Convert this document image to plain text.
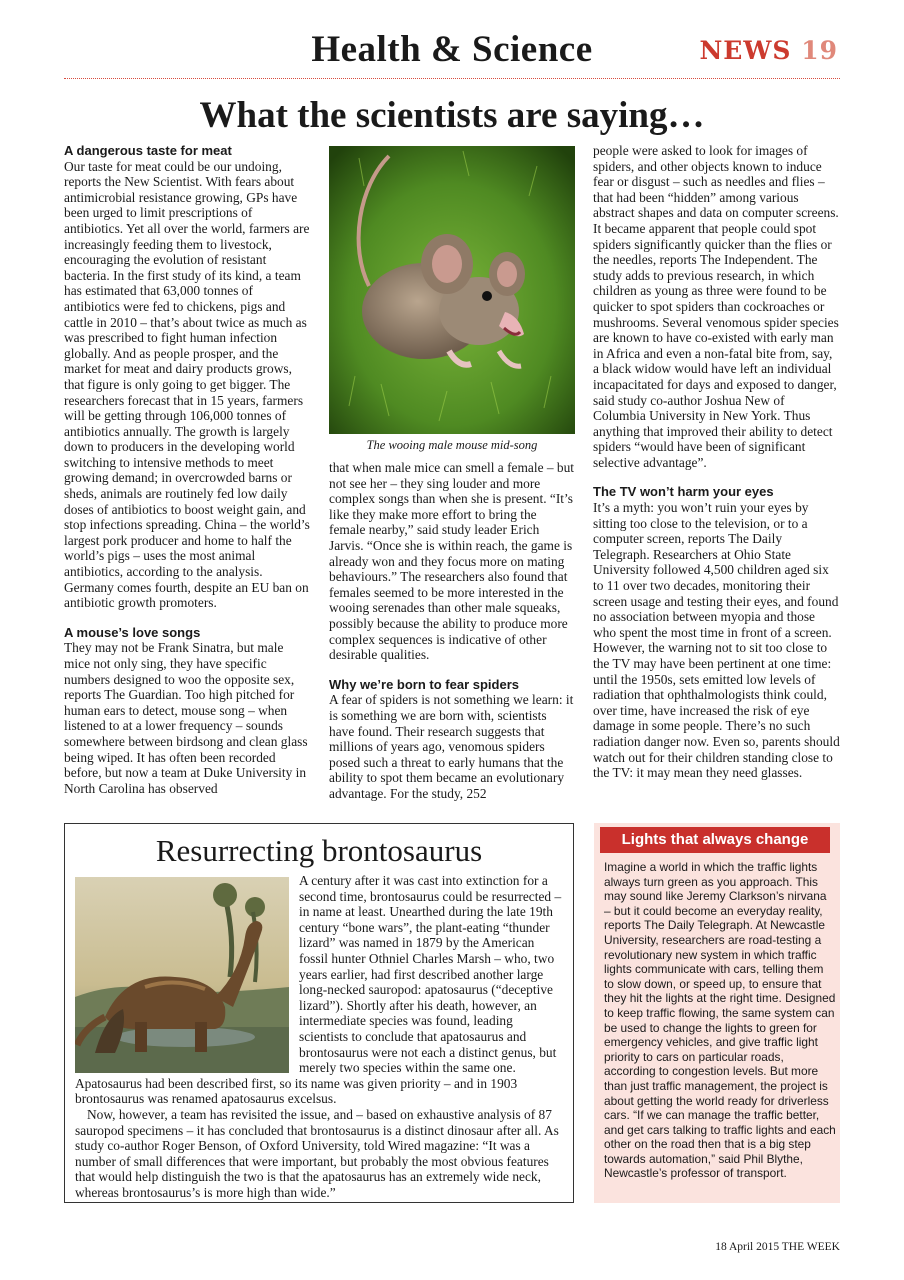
Health & Science	NEWS 19
What the scientists are saying…
A dangerous taste for meat

Our taste for meat could be our undoing, reports the New Scientist. With fears about antimicrobial resistance growing, GPs have been urged to limit prescriptions of antibiotics. Yet all over the world, farmers are increasingly feeding them to livestock, encouraging the evolution of resistant bacteria. In the first study of its kind, a team has estimated that 63,000 tonnes of antibiotics were fed to chickens, pigs and cattle in 2010 – that’s about twice as much as was prescribed to fight human infection globally. And as people prosper, and the market for meat and dairy products grows, that figure is only going to get bigger. The researchers forecast that in 15 years, farmers will be getting through 106,000 tonnes of antibiotics annually. The growth is largely down to producers in the developing world switching to intensive methods to meet growing demand; in overcrowded barns or sheds, animals are routinely fed low daily doses of antibiotics to boost weight gain, and stop infections spreading. China – the world’s largest pork producer and home to half the world’s pigs – uses the most animal antibiotics, according to the analysis. Germany comes fourth, despite an EU ban on antibiotic growth promoters.

A mouse’s love songs

They may not be Frank Sinatra, but male mice not only sing, they have specific numbers designed to woo the opposite sex, reports The Guardian. Too high pitched for human ears to detect, mouse song – when listened to at a lower frequency – sounds somewhere between birdsong and clean glass being wiped. It has often been recorded before, but now a team at Duke University in North Carolina has observed

The wooing male mouse mid-song

that when male mice can smell a female – but not see her – they sing louder and more complex songs than when she is present. “It’s like they make more effort to bring the female nearby,” said study leader Erich Jarvis. “Once she is within reach, the game is already won and they focus more on mating behaviours.” The researchers also found that females seemed to be more interested in the wooing serenades than other male squeaks, possibly because the ability to produce more complex sequences is indicative of other desirable qualities.

Why we’re born to fear spiders

A fear of spiders is not something we learn: it is something we are born with, scientists have found. Their research suggests that millions of years ago, venomous spiders posed such a threat to early humans that the ability to spot them became an evolutionary advantage. For the study, 252

people were asked to look for images of spiders, and other objects known to induce fear or disgust – such as needles and flies – that had been “hidden” among various abstract shapes and data on computer screens. It became apparent that people could spot spiders significantly quicker than the flies or the needles, reports The Independent. The study adds to previous research, in which children as young as three were found to be quicker to spot spiders than cockroaches or mushrooms. Several venomous spider species are known to have co-existed with early man in Africa and even a non-fatal bite from, say, a black widow would have left an individual incapacitated for days and exposed to danger, said study co-author Joshua New of Columbia University in New York. Thus anything that improved their ability to detect spiders “would have been of significant selective advantage”.

The TV won’t harm your eyes

It’s a myth: you won’t ruin your eyes by sitting too close to the television, or to a computer screen, reports The Daily Telegraph. Researchers at Ohio State University followed 4,500 children aged six to 11 over two decades, monitoring their screen usage and testing their eyes, and found no association between myopia and those who spent the most time in front of a screen. However, the warning not to sit too close to the TV may have been pertinent at one time: until the 1950s, sets emitted low levels of radiation that ophthalmologists think could, over time, have increased the risk of eye damage in some people. There’s no such radiation danger now. Even so, parents should watch out for their children standing close to the TV: it may mean they need glasses.

Resurrecting brontosaurus

A century after it was cast into extinction for a second time, brontosaurus could be resurrected – in name at least. Unearthed during the late 19th century “bone wars”, the plant-eating “thunder lizard” was named in 1879 by the American fossil hunter Othniel Charles Marsh – who, two years earlier, had first described another large long-necked sauropod: apatosaurus (“deceptive lizard”). Shortly after his death, however, an intermediate species was found, leading scientists to conclude that apatosaurus and brontosaurus were not each a distinct genus, but merely two species within the same one. Apatosaurus had been described first, so its name was given priority – and in 1903 brontosaurus was renamed apatosaurus excelsus.

Now, however, a team has revisited the issue, and – based on exhaustive analysis of 87 sauropod specimens – it has concluded that brontosaurus is a distinct dinosaur after all. As study co-author Roger Benson, of Oxford University, told Wired magazine: “It was a number of small differences that were important, but probably the most obvious features that would help distinguish the two is that the apatosaurus has an extremely wide neck, whereas brontosaurus’s is more high than wide.”

Lights that always change
Imagine a world in which the traffic lights always turn green as you approach. This may sound like Jeremy Clarkson’s nirvana – but it could become an everyday reality, reports The Daily Telegraph. At Newcastle University, researchers are road-testing a revolutionary new system in which traffic lights communicate with cars, telling them to slow down, or speed up, to ensure that they hit the lights at the right time. Designed to keep traffic flowing, the same system can be used to change the lights to green for emergency vehicles, and give traffic light priority to cars on particular roads, according to congestion levels. But more than just traffic management, the project is about getting the world ready for driverless cars. “If we can manage the traffic better, and get cars talking to traffic lights and each other on the road then that is a big step towards automation,” said Phil Blythe, Newcastle’s professor of transport.
18 April 2015 THE WEEK
